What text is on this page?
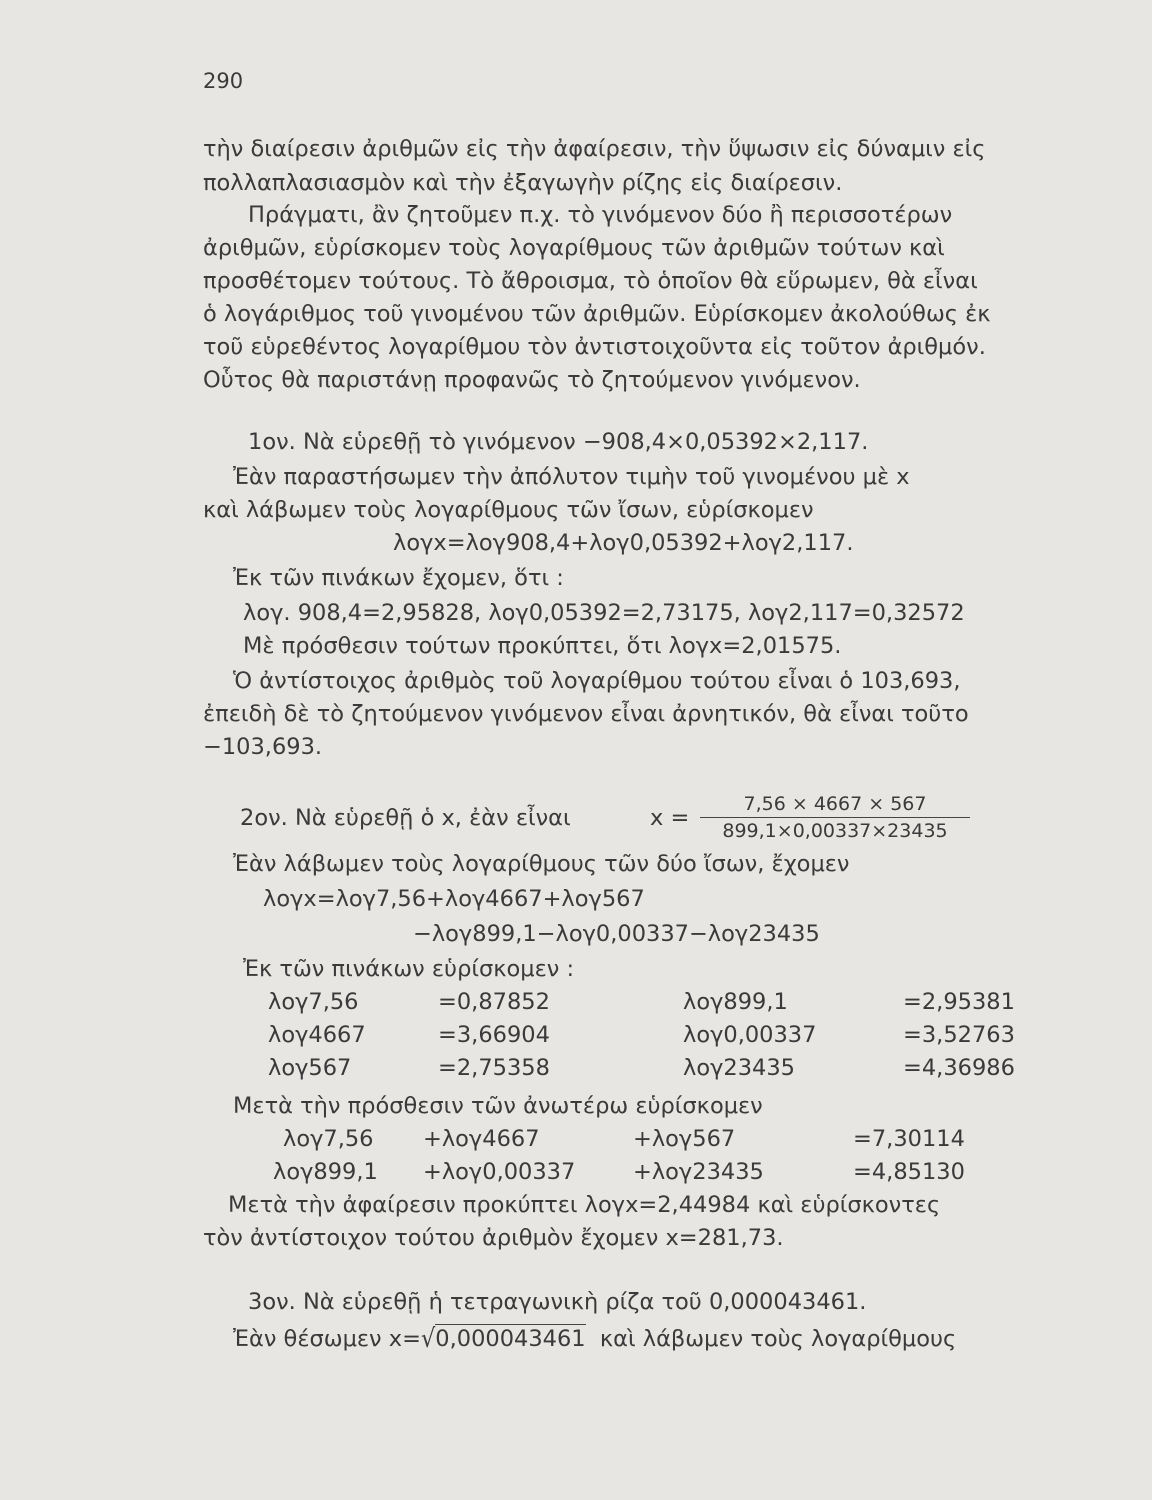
290
τὴν διαίρεσιν ἀριθμῶν εἰς τὴν ἀφαίρεσιν, τὴν ὕψωσιν εἰς δύναμιν εἰς
πολλαπλασιασμὸν καὶ τὴν ἐξαγωγὴν ρίζης εἰς διαίρεσιν.
Πράγματι, ἂν ζητοῦμεν π.χ. τὸ γινόμενον δύο ἢ περισσοτέρων
ἀριθμῶν, εὑρίσκομεν τοὺς λογαρίθμους τῶν ἀριθμῶν τούτων καὶ
προσθέτομεν τούτους. Τὸ ἄθροισμα, τὸ ὁποῖον θὰ εὕρωμεν, θὰ εἶναι
ὁ λογάριθμος τοῦ γινομένου τῶν ἀριθμῶν. Εὑρίσκομεν ἀκολούθως ἐκ
τοῦ εὑρεθέντος λογαρίθμου τὸν ἀντιστοιχοῦντα εἰς τοῦτον ἀριθμόν.
Οὗτος θὰ παριστάνῃ προφανῶς τὸ ζητούμενον γινόμενον.
1ον. Νὰ εὑρεθῇ τὸ γινόμενον −908,4×0,05392×2,117.
Ἐὰν παραστήσωμεν τὴν ἀπόλυτον τιμὴν τοῦ γινομένου μὲ x
καὶ λάβωμεν τοὺς λογαρίθμους τῶν ἴσων, εὑρίσκομεν
λογx=λογ908,4+λογ0,05392+λογ2,117.
Ἐκ τῶν πινάκων ἔχομεν, ὅτι :
λογ. 908,4=2,95828, λογ0,05392=2,73175, λογ2,117=0,32572
Μὲ πρόσθεσιν τούτων προκύπτει, ὅτι λογx=2,01575.
Ὁ ἀντίστοιχος ἀριθμὸς τοῦ λογαρίθμου τούτου εἶναι ὁ 103,693,
ἐπειδὴ δὲ τὸ ζητούμενον γινόμενον εἶναι ἀρνητικόν, θὰ εἶναι τοῦτο
−103,693.
2ον. Νὰ εὑρεθῇ ὁ x, ἐὰν εἶναι	x =
7,56 × 4667 × 567
899,1×0,00337×23435
Ἐὰν λάβωμεν τοὺς λογαρίθμους τῶν δύο ἴσων, ἔχομεν
λογx=λογ7,56+λογ4667+λογ567
−λογ899,1−λογ0,00337−λογ23435
Ἐκ τῶν πινάκων εὑρίσκομεν :
λογ7,56	=0,87852	λογ899,1	=2,95381
λογ4667	=3,66904	λογ0,00337	=3,52763
λογ567	=2,75358	λογ23435	=4,36986
Μετὰ τὴν πρόσθεσιν τῶν ἀνωτέρω εὑρίσκομεν
λογ7,56 +λογ4667	+λογ567	=7,30114
λογ899,1 +λογ0,00337	+λογ23435	=4,85130
Μετὰ τὴν ἀφαίρεσιν προκύπτει λογx=2,44984 καὶ εὑρίσκοντες
τὸν ἀντίστοιχον τούτου ἀριθμὸν ἔχομεν x=281,73.
3ον. Νὰ εὑρεθῇ ἡ τετραγωνικὴ ρίζα τοῦ 0,000043461.
Ἐὰν θέσωμεν x=√0,000043461 καὶ λάβωμεν τοὺς λογαρίθμους
